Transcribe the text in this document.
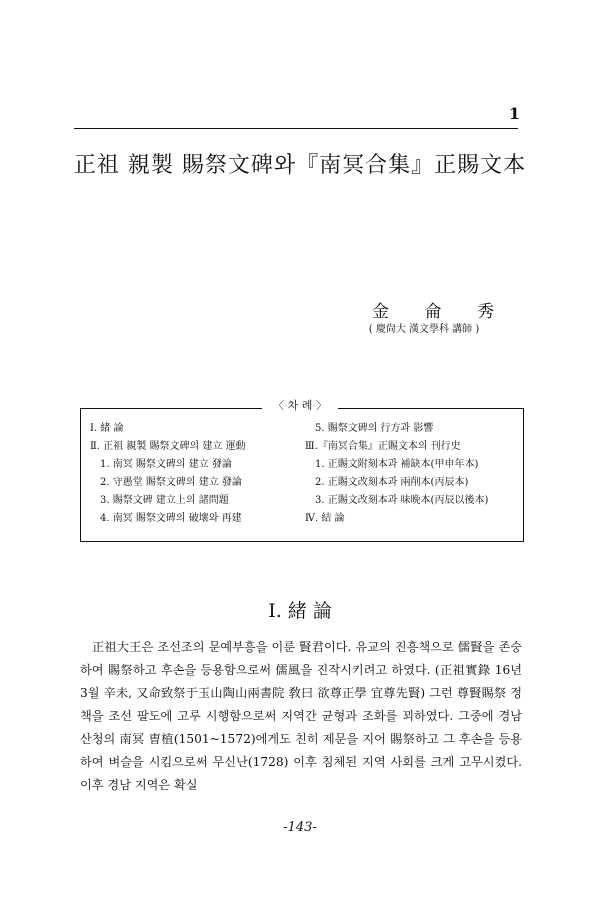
1
正祖 親製 賜祭文碑와『南冥合集』正賜文本
金 侖 秀
( 慶尙大 漢文學科 講師 )
〈 차 례 〉
Ⅰ. 緒 論
Ⅱ. 正祖 親製 賜祭文碑의 建立 運動
1. 南冥 賜祭文碑의 建立 發論
2. 守愚堂 賜祭文碑의 建立 發論
3. 賜祭文碑 建立上의 諸問題
4. 南冥 賜祭文碑의 破壞와 再建
5. 賜祭文碑의 行方과 影響
Ⅲ.『南冥合集』正賜文本의 刊行史
1. 正賜文附刻本과 補缺本(甲申年本)
2. 正賜文改刻本과 兩削本(丙辰本)
3. 正賜文改刻本과 味晩本(丙辰以後本)
Ⅳ. 結 論
Ⅰ. 緒 論

正祖大王은 조선조의 문예부흥을 이룬 賢君이다. 유교의 진흥책으로 儒賢을 존숭하여 賜祭하고 후손을 등용함으로써 儒風을 진작시키려고 하였다. (正祖實錄 16년 3월 辛未, 又命致祭于玉山陶山兩書院 敎曰 欲尊正學 宜尊先賢) 그런 尊賢賜祭 정책을 조선 팔도에 고루 시행함으로써 지역간 균형과 조화를 꾀하였다. 그중에 경남 산청의 南冥 曺植(1501~1572)에게도 친히 제문을 지어 賜祭하고 그 후손을 등용하여 벼슬을 시킴으로써 무신난(1728) 이후 침체된 지역 사회를 크게 고무시켰다. 이후 경남 지역은 확실

-143-
